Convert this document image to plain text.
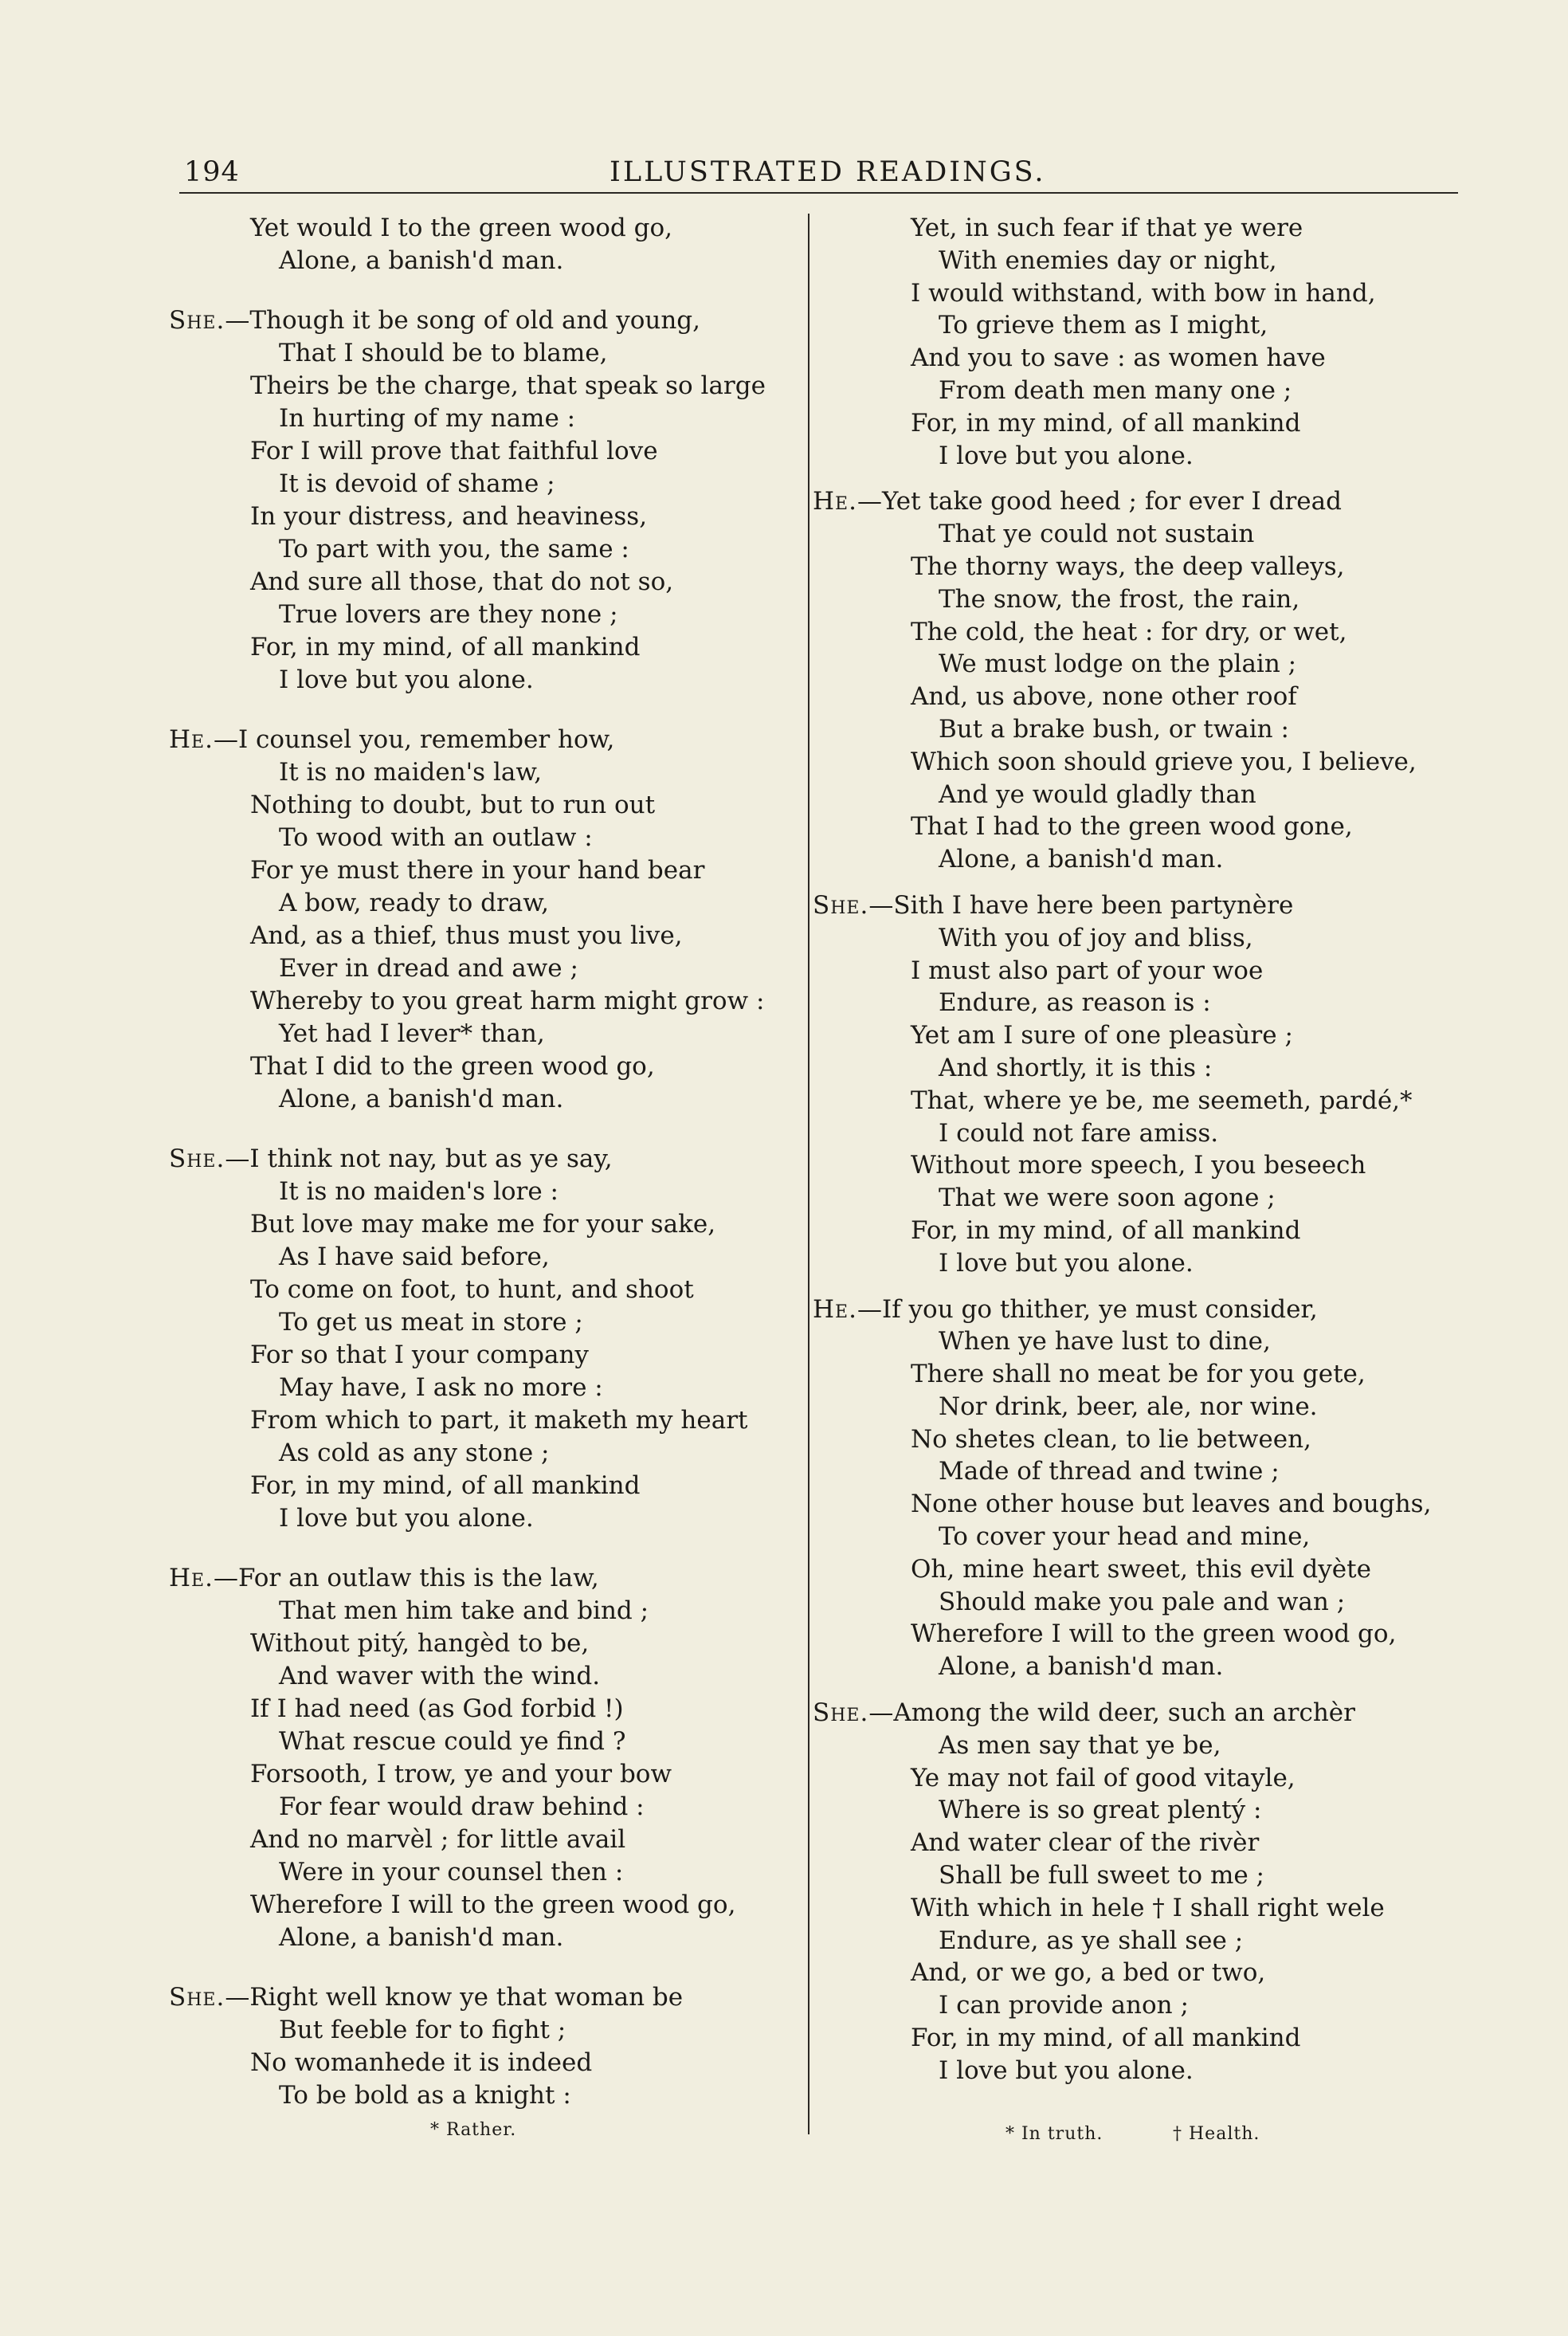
194	ILLUSTRATED READINGS.
Yet would I to the green wood go,
Alone, a banish'd man.
She.—Though it be song of old and young,
That I should be to blame,
Theirs be the charge, that speak so large
In hurting of my name :
For I will prove that faithful love
It is devoid of shame ;
In your distress, and heaviness,
To part with you, the same :
And sure all those, that do not so,
True lovers are they none ;
For, in my mind, of all mankind
I love but you alone.
He.—I counsel you, remember how,
It is no maiden's law,
Nothing to doubt, but to run out
To wood with an outlaw :
For ye must there in your hand bear
A bow, ready to draw,
And, as a thief, thus must you live,
Ever in dread and awe ;
Whereby to you great harm might grow :
Yet had I lever* than,
That I did to the green wood go,
Alone, a banish'd man.
She.—I think not nay, but as ye say,
It is no maiden's lore :
But love may make me for your sake,
As I have said before,
To come on foot, to hunt, and shoot
To get us meat in store ;
For so that I your company
May have, I ask no more :
From which to part, it maketh my heart
As cold as any stone ;
For, in my mind, of all mankind
I love but you alone.
He.—For an outlaw this is the law,
That men him take and bind ;
Without pitý, hangèd to be,
And waver with the wind.
If I had need (as God forbid !)
What rescue could ye find ?
Forsooth, I trow, ye and your bow
For fear would draw behind :
And no marvèl ; for little avail
Were in your counsel then :
Wherefore I will to the green wood go,
Alone, a banish'd man.
She.—Right well know ye that woman be
But feeble for to fight ;
No womanhede it is indeed
To be bold as a knight :
Yet, in such fear if that ye were
With enemies day or night,
I would withstand, with bow in hand,
To grieve them as I might,
And you to save : as women have
From death men many one ;
For, in my mind, of all mankind
I love but you alone.
He.—Yet take good heed ; for ever I dread
That ye could not sustain
The thorny ways, the deep valleys,
The snow, the frost, the rain,
The cold, the heat : for dry, or wet,
We must lodge on the plain ;
And, us above, none other roof
But a brake bush, or twain :
Which soon should grieve you, I believe,
And ye would gladly than
That I had to the green wood gone,
Alone, a banish'd man.
She.—Sith I have here been partynère
With you of joy and bliss,
I must also part of your woe
Endure, as reason is :
Yet am I sure of one pleasùre ;
And shortly, it is this :
That, where ye be, me seemeth, pardé,*
I could not fare amiss.
Without more speech, I you beseech
That we were soon agone ;
For, in my mind, of all mankind
I love but you alone.
He.—If you go thither, ye must consider,
When ye have lust to dine,
There shall no meat be for you gete,
Nor drink, beer, ale, nor wine.
No shetes clean, to lie between,
Made of thread and twine ;
None other house but leaves and boughs,
To cover your head and mine,
Oh, mine heart sweet, this evil dyète
Should make you pale and wan ;
Wherefore I will to the green wood go,
Alone, a banish'd man.
She.—Among the wild deer, such an archèr
As men say that ye be,
Ye may not fail of good vitayle,
Where is so great plentý :
And water clear of the rivèr
Shall be full sweet to me ;
With which in hele † I shall right wele
Endure, as ye shall see ;
And, or we go, a bed or two,
I can provide anon ;
For, in my mind, of all mankind
I love but you alone.
* Rather.	* In truth.	† Health.
